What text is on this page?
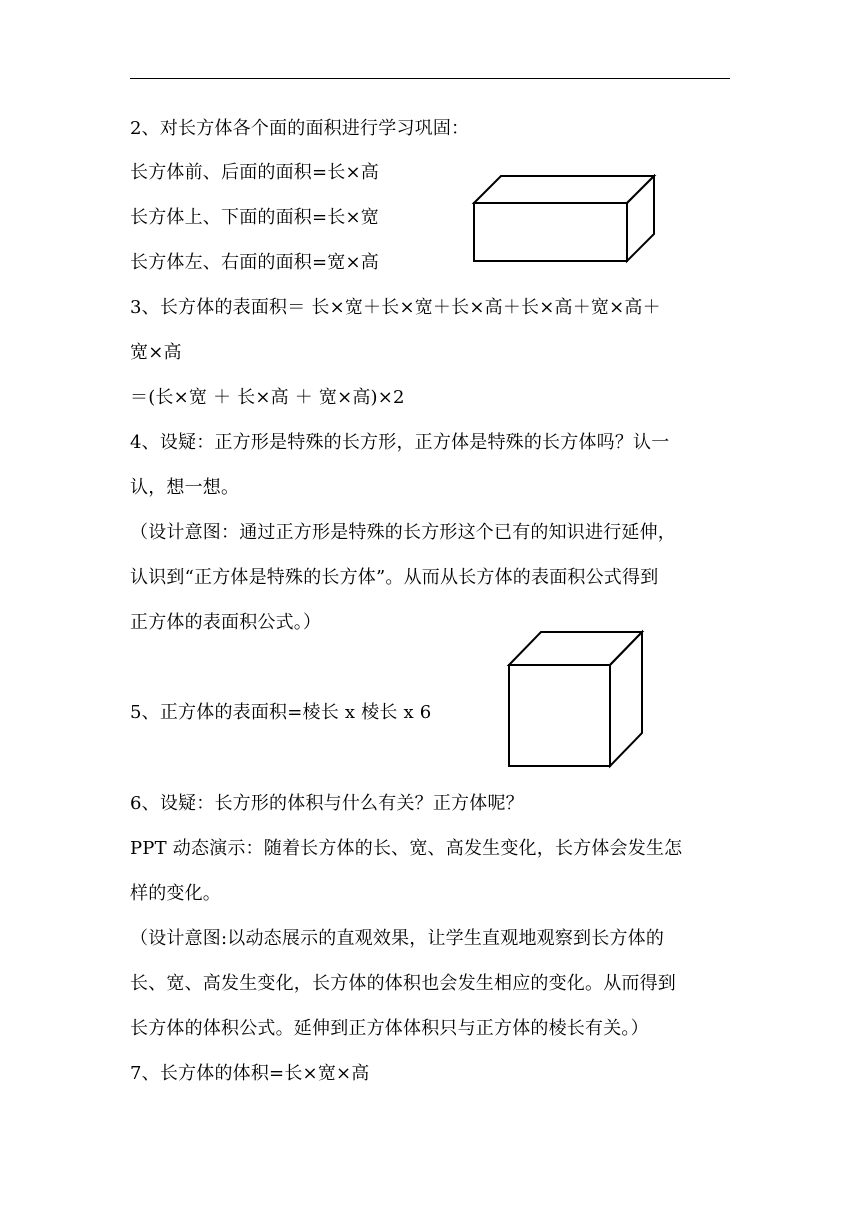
2、对长方体各个面的面积进行学习巩固：
长方体前、后面的面积=长×高
长方体上、下面的面积=长×宽
长方体左、右面的面积=宽×高
3、长方体的表面积＝ 长×宽＋长×宽＋长×高＋长×高＋宽×高＋
宽×高
＝(长×宽 ＋ 长×高 ＋ 宽×高)×2
4、设疑：正方形是特殊的长方形，正方体是特殊的长方体吗？认一
认，想一想。
（设计意图：通过正方形是特殊的长方形这个已有的知识进行延伸，
认识到“正方体是特殊的长方体”。从而从长方体的表面积公式得到
正方体的表面积公式。）
5、正方体的表面积=棱长 x 棱长 x 6
6、设疑：长方形的体积与什么有关？正方体呢？
PPT 动态演示：随着长方体的长、宽、高发生变化，长方体会发生怎
样的变化。
（设计意图:以动态展示的直观效果，让学生直观地观察到长方体的
长、宽、高发生变化，长方体的体积也会发生相应的变化。从而得到
长方体的体积公式。延伸到正方体体积只与正方体的棱长有关。）
7、长方体的体积=长×宽×高
